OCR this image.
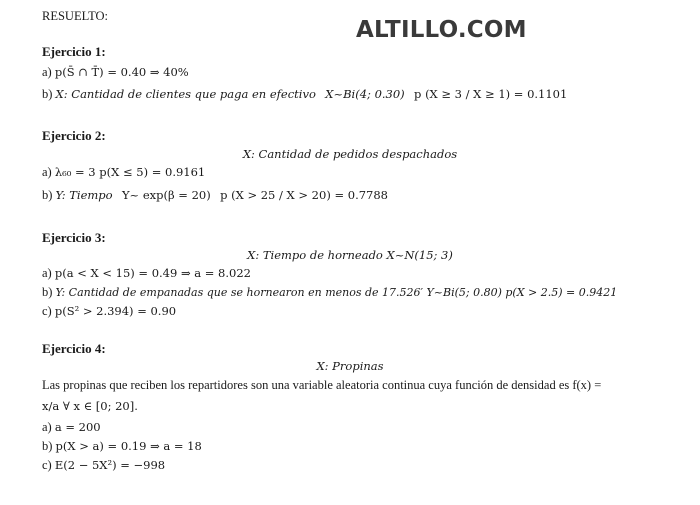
ALTILLO.COM
RESUELTO:
Ejercicio 1:
a) p(S̄ ∩ T̄) = 0.40 ⇒ 40%
b) X: Cantidad de clientes que paga en efectivo X~Bi(4; 0.30) p (X ≥ 3 / X ≥ 1) = 0.1101
Ejercicio 2:
X: Cantidad de pedidos despachados
a) λ₆₀ = 3 p(X ≤ 5) = 0.9161
b) Y: Tiempo Y~ exp(β = 20) p (X > 25 / X > 20) = 0.7788
Ejercicio 3:
X: Tiempo de horneado X~N(15; 3)
a) p(a < X < 15) = 0.49 ⇒ a = 8.022
b) Y: Cantidad de empanadas que se hornearon en menos de 17.526′ Y~Bi(5; 0.80) p(X > 2.5) = 0.9421
c) p(S² > 2.394) = 0.90
Ejercicio 4:
X: Propinas
Las propinas que reciben los repartidores son una variable aleatoria continua cuya función de densidad es f(x) =
x/a ∀ x ∈ [0; 20].
a) a = 200
b) p(X > a) = 0.19 ⇒ a = 18
c) E(2 − 5X²) = −998
